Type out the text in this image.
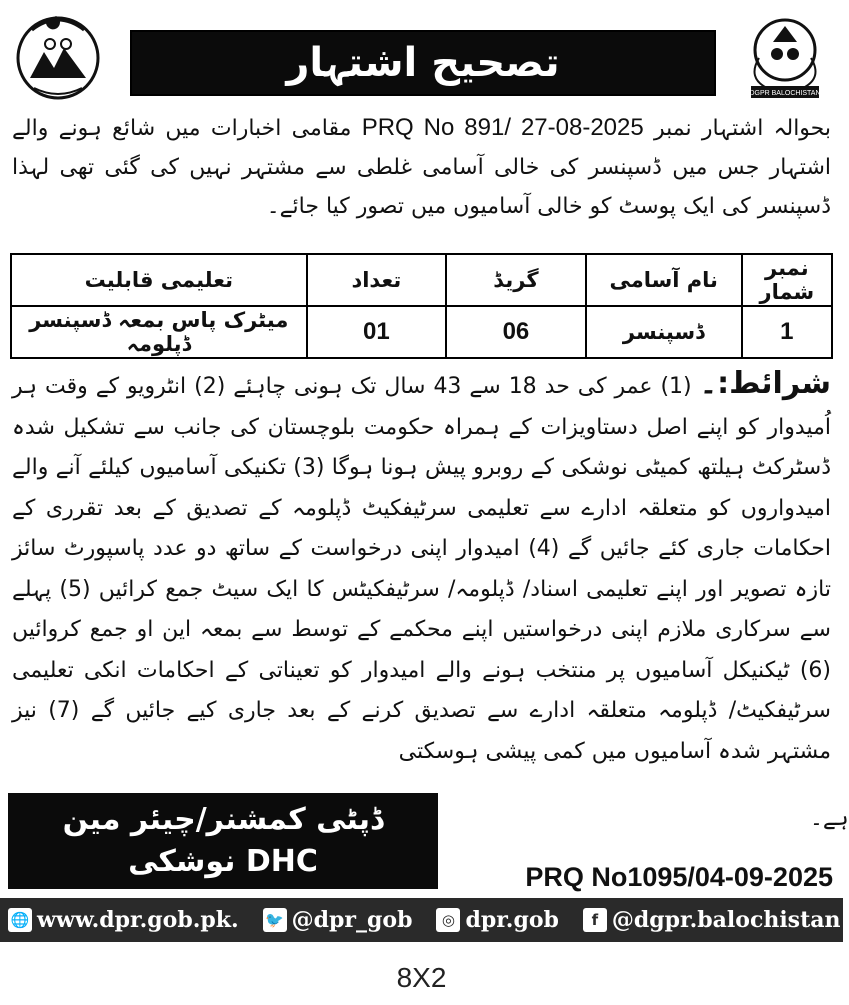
تصحیح اشتہار
DGPR BALOCHISTAN
بحوالہ اشتہار نمبر PRQ No 891/ 27-08-2025 مقامی اخبارات میں شائع ہونے والے اشتہار جس میں ڈسپنسر کی خالی آسامی غلطی سے مشتہر نہیں کی گئی تھی لہذا ڈسپنسر کی ایک پوسٹ کو خالی آسامیوں میں تصور کیا جائے۔
نمبر شمار	نام آسامی	گریڈ	تعداد	تعلیمی قابلیت
1	ڈسپنسر	06	01	میٹرک پاس بمعہ ڈسپنسر ڈپلومہ
شرائط:۔ (1) عمر کی حد 18 سے 43 سال تک ہونی چاہئے (2) انٹرویو کے وقت ہر اُمیدوار کو اپنے اصل دستاویزات کے ہمراہ حکومت بلوچستان کی جانب سے تشکیل شدہ ڈسٹرکٹ ہیلتھ کمیٹی نوشکی کے روبرو پیش ہونا ہوگا (3) تکنیکی آسامیوں کیلئے آنے والے امیدواروں کو متعلقہ ادارے سے تعلیمی سرٹیفکیٹ ڈپلومہ کے تصدیق کے بعد تقرری کے احکامات جاری کئے جائیں گے (4) امیدوار اپنی درخواست کے ساتھ دو عدد پاسپورٹ سائز تازہ تصویر اور اپنے تعلیمی اسناد/ ڈپلومہ/ سرٹیفکیٹس کا ایک سیٹ جمع کرائیں (5) پہلے سے سرکاری ملازم اپنی درخواستیں اپنے محکمے کے توسط سے بمعہ این او جمع کروائیں (6) ٹیکنیکل آسامیوں پر منتخب ہونے والے امیدوار کو تعیناتی کے احکامات انکی تعلیمی سرٹیفکیٹ/ ڈپلومہ متعلقہ ادارے سے تصدیق کرنے کے بعد جاری کیے جائیں گے (7) نیز مشتہر شدہ آسامیوں میں کمی پیشی ہوسکتی
ہے۔
ڈپٹی کمشنر/چیئر مین
DHC نوشکی	PRQ No1095/04-09-2025
🌐 www.dpr.gob.pk. 🐦 @dpr_gob	◎ dpr.gob	f @dgpr.balochistan
8X2
